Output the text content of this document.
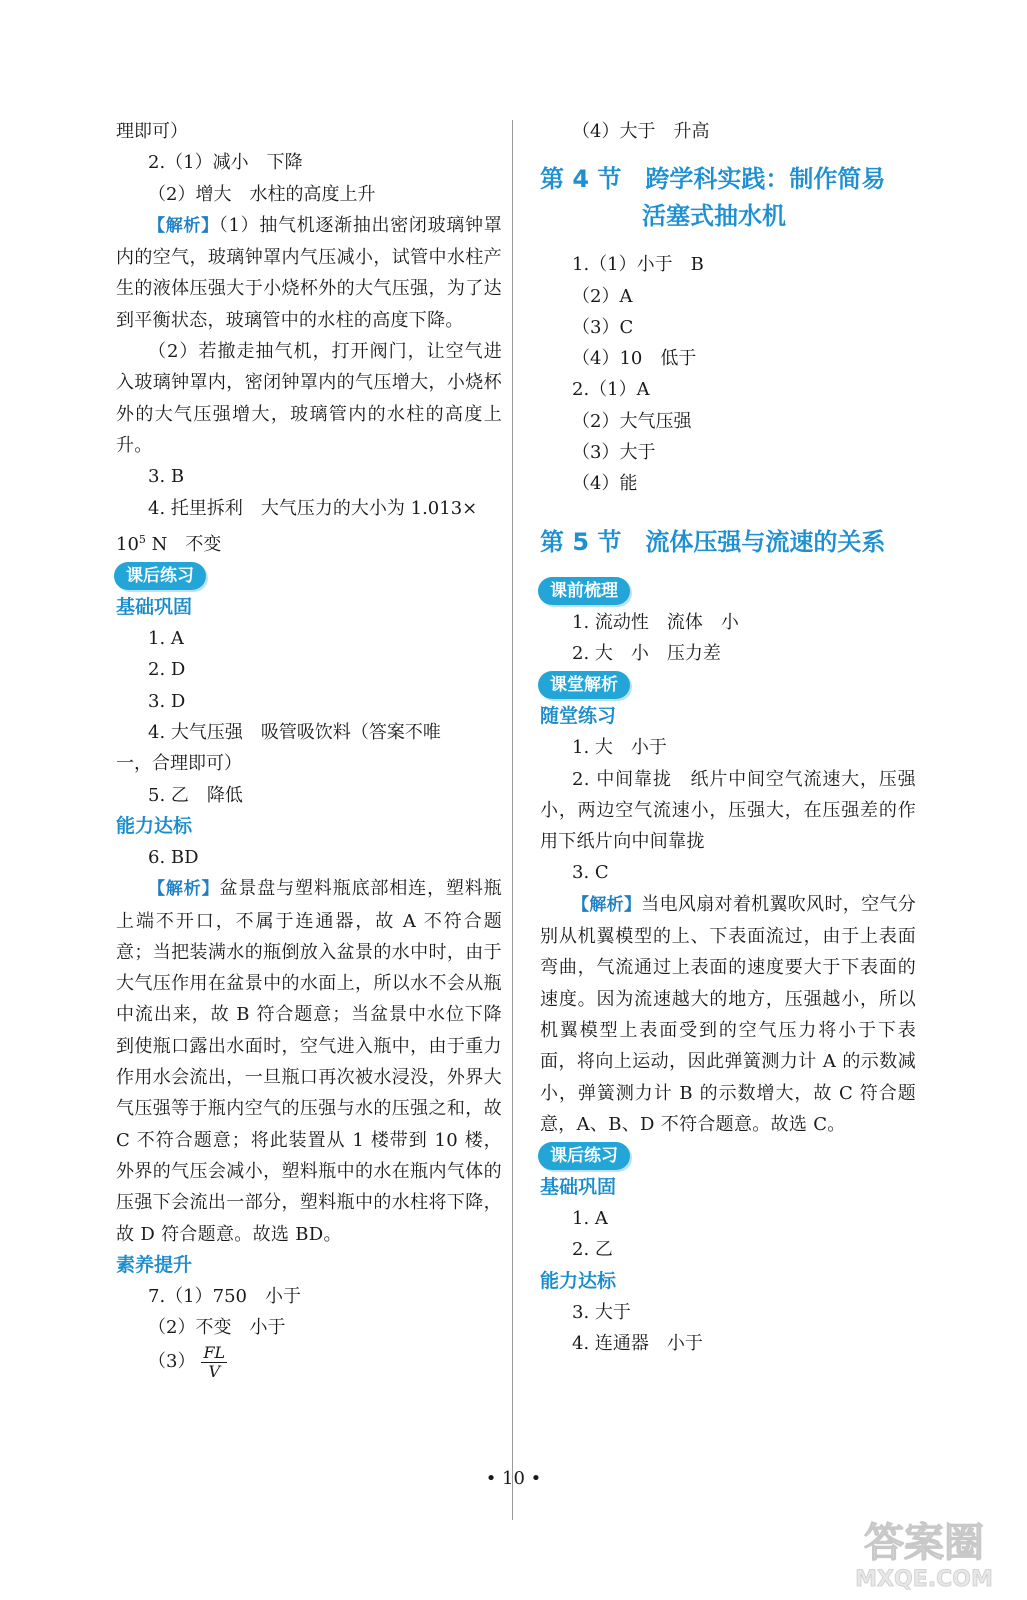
理即可）
2.（1）减小　下降
（2）增大　水柱的高度上升
【解析】（1）抽气机逐渐抽出密闭玻璃钟罩内的空气，玻璃钟罩内气压减小，试管中水柱产生的液体压强大于小烧杯外的大气压强，为了达到平衡状态，玻璃管中的水柱的高度下降。
（2）若撤走抽气机，打开阀门，让空气进入玻璃钟罩内，密闭钟罩内的气压增大，小烧杯外的大气压强增大，玻璃管内的水柱的高度上升。
3. B
4. 托里拆利　大气压力的大小为 1.013×
$10^5$ N　不变
课后练习
基础巩固
1. A
2. D
3. D
4. 大气压强　吸管吸饮料（答案不唯
一，合理即可）
5. 乙　降低
能力达标
6. BD
【解析】盆景盘与塑料瓶底部相连，塑料瓶上端不开口，不属于连通器，故 A 不符合题意；当把装满水的瓶倒放入盆景的水中时，由于大气压作用在盆景中的水面上，所以水不会从瓶中流出来，故 B 符合题意；当盆景中水位下降到使瓶口露出水面时，空气进入瓶中，由于重力作用水会流出，一旦瓶口再次被水浸没，外界大气压强等于瓶内空气的压强与水的压强之和，故 C 不符合题意；将此装置从 1 楼带到 10 楼，外界的气压会减小，塑料瓶中的水在瓶内气体的压强下会流出一部分，塑料瓶中的水柱将下降，故 D 符合题意。故选 BD。
素养提升
7.（1）750　小于
（2）不变　小于
$(3) \frac{FL}{V}$
（4）大于　升高
第 4 节　跨学科实践：制作简易
活塞式抽水机
1.（1）小于　B
（2）A
（3）C
（4）10　低于
2.（1）A
（2）大气压强
（3）大于
（4）能
第 5 节　流体压强与流速的关系
课前梳理
1. 流动性　流体　小
2. 大　小　压力差
课堂解析
随堂练习
1. 大　小于
2. 中间靠拢　纸片中间空气流速大，压强小，两边空气流速小，压强大，在压强差的作用下纸片向中间靠拢
3. C
【解析】当电风扇对着机翼吹风时，空气分别从机翼模型的上、下表面流过，由于上表面弯曲，气流通过上表面的速度要大于下表面的速度。因为流速越大的地方，压强越小，所以机翼模型上表面受到的空气压力将小于下表面，将向上运动，因此弹簧测力计 A 的示数减小，弹簧测力计 B 的示数增大，故 C 符合题意，A、B、D 不符合题意。故选 C。
课后练习
基础巩固
1. A
2. 乙
能力达标
3. 大于
4. 连通器　小于
• 10 •
答案圈
MXQE.COM
